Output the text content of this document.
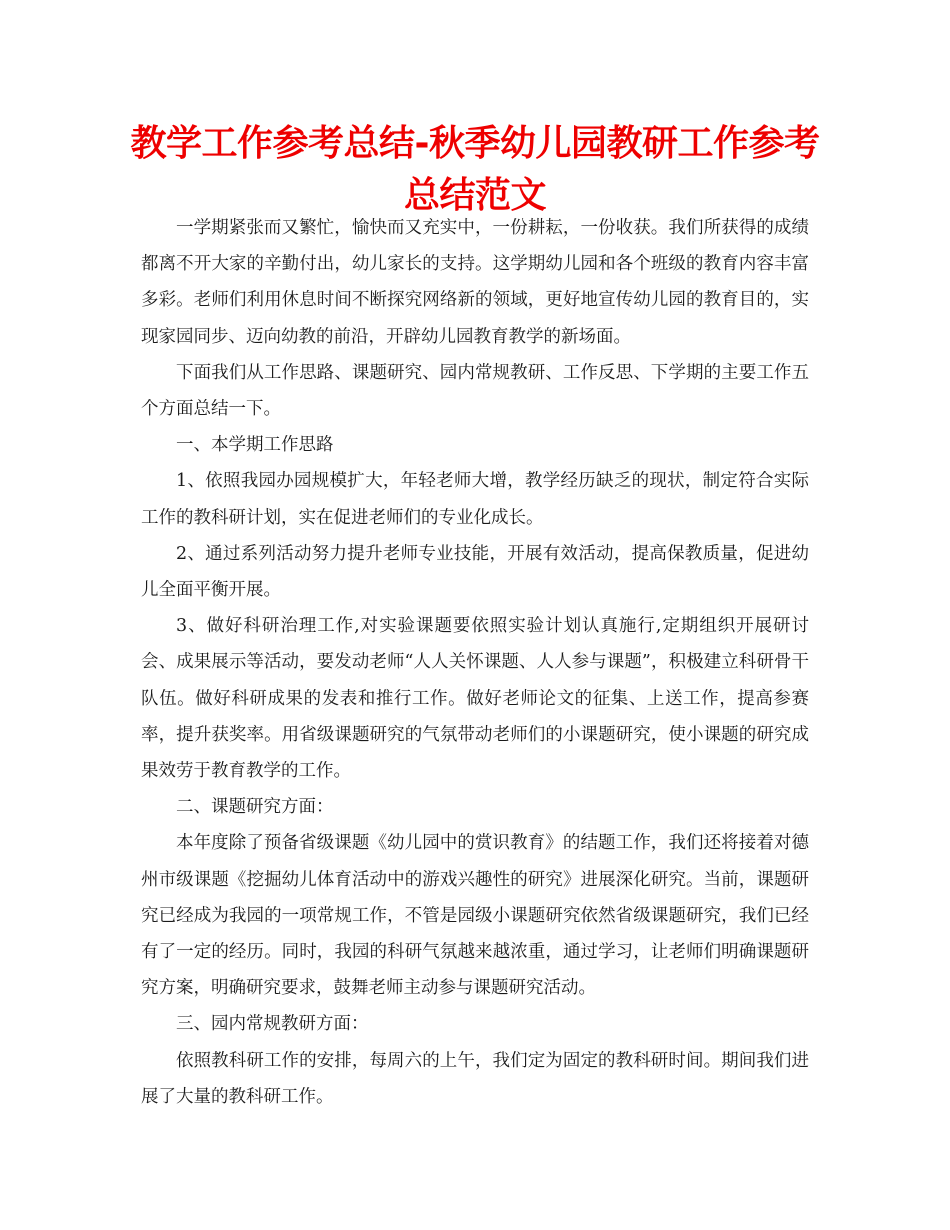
教学工作参考总结-秋季幼儿园教研工作参考总结范文

一学期紧张而又繁忙，愉快而又充实中，一份耕耘，一份收获。我们所获得的成绩都离不开大家的辛勤付出，幼儿家长的支持。这学期幼儿园和各个班级的教育内容丰富多彩。老师们利用休息时间不断探究网络新的领域，更好地宣传幼儿园的教育目的，实现家园同步、迈向幼教的前沿，开辟幼儿园教育教学的新场面。

下面我们从工作思路、课题研究、园内常规教研、工作反思、下学期的主要工作五个方面总结一下。

一、本学期工作思路

1、依照我园办园规模扩大，年轻老师大增，教学经历缺乏的现状，制定符合实际工作的教科研计划，实在促进老师们的专业化成长。

2、通过系列活动努力提升老师专业技能，开展有效活动，提高保教质量，促进幼儿全面平衡开展。

3、做好科研治理工作,对实验课题要依照实验计划认真施行,定期组织开展研讨会、成果展示等活动，要发动老师“人人关怀课题、人人参与课题”，积极建立科研骨干队伍。做好科研成果的发表和推行工作。做好老师论文的征集、上送工作，提高参赛率，提升获奖率。用省级课题研究的气氛带动老师们的小课题研究，使小课题的研究成果效劳于教育教学的工作。

二、课题研究方面：

本年度除了预备省级课题《幼儿园中的赏识教育》的结题工作，我们还将接着对德州市级课题《挖掘幼儿体育活动中的游戏兴趣性的研究》进展深化研究。当前，课题研究已经成为我园的一项常规工作，不管是园级小课题研究依然省级课题研究，我们已经有了一定的经历。同时，我园的科研气氛越来越浓重，通过学习，让老师们明确课题研究方案，明确研究要求，鼓舞老师主动参与课题研究活动。

三、园内常规教研方面：

依照教科研工作的安排，每周六的上午，我们定为固定的教科研时间。期间我们进展了大量的教科研工作。
